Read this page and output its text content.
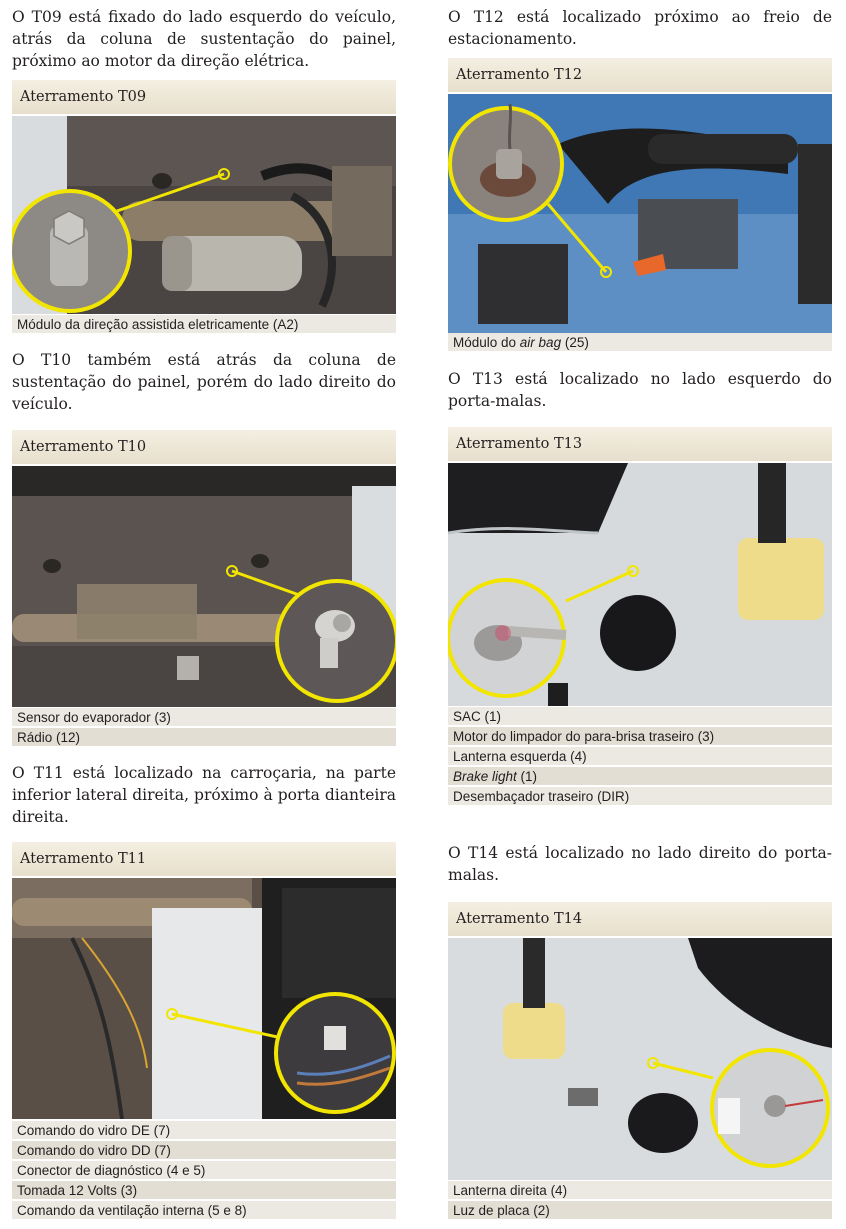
O T09 está fixado do lado esquerdo do veículo, atrás da coluna de sustentação do painel, próximo ao motor da direção elétrica.
Aterramento T09
Módulo da direção assistida eletricamente (A2)
O T10 também está atrás da coluna de sustentação do painel, porém do lado direito do veículo.
Aterramento T10
Sensor do evaporador (3)
Rádio (12)
O T11 está localizado na carroçaria, na parte inferior lateral direita, próximo à porta dianteira direita.
Aterramento T11
Comando do vidro DE (7)
Comando do vidro DD (7)
Conector de diagnóstico (4 e 5)
Tomada 12 Volts (3)
Comando da ventilação interna (5 e 8)
O T12 está localizado próximo ao freio de estacionamento.
Aterramento T12
Módulo do air bag (25)
O T13 está localizado no lado esquerdo do porta-malas.
Aterramento T13
SAC (1)
Motor do limpador do para-brisa traseiro (3)
Lanterna esquerda (4)
Brake light (1)
Desembaçador traseiro (DIR)
O T14 está localizado no lado direito do porta-malas.
Aterramento T14
Lanterna direita (4)
Luz de placa (2)
